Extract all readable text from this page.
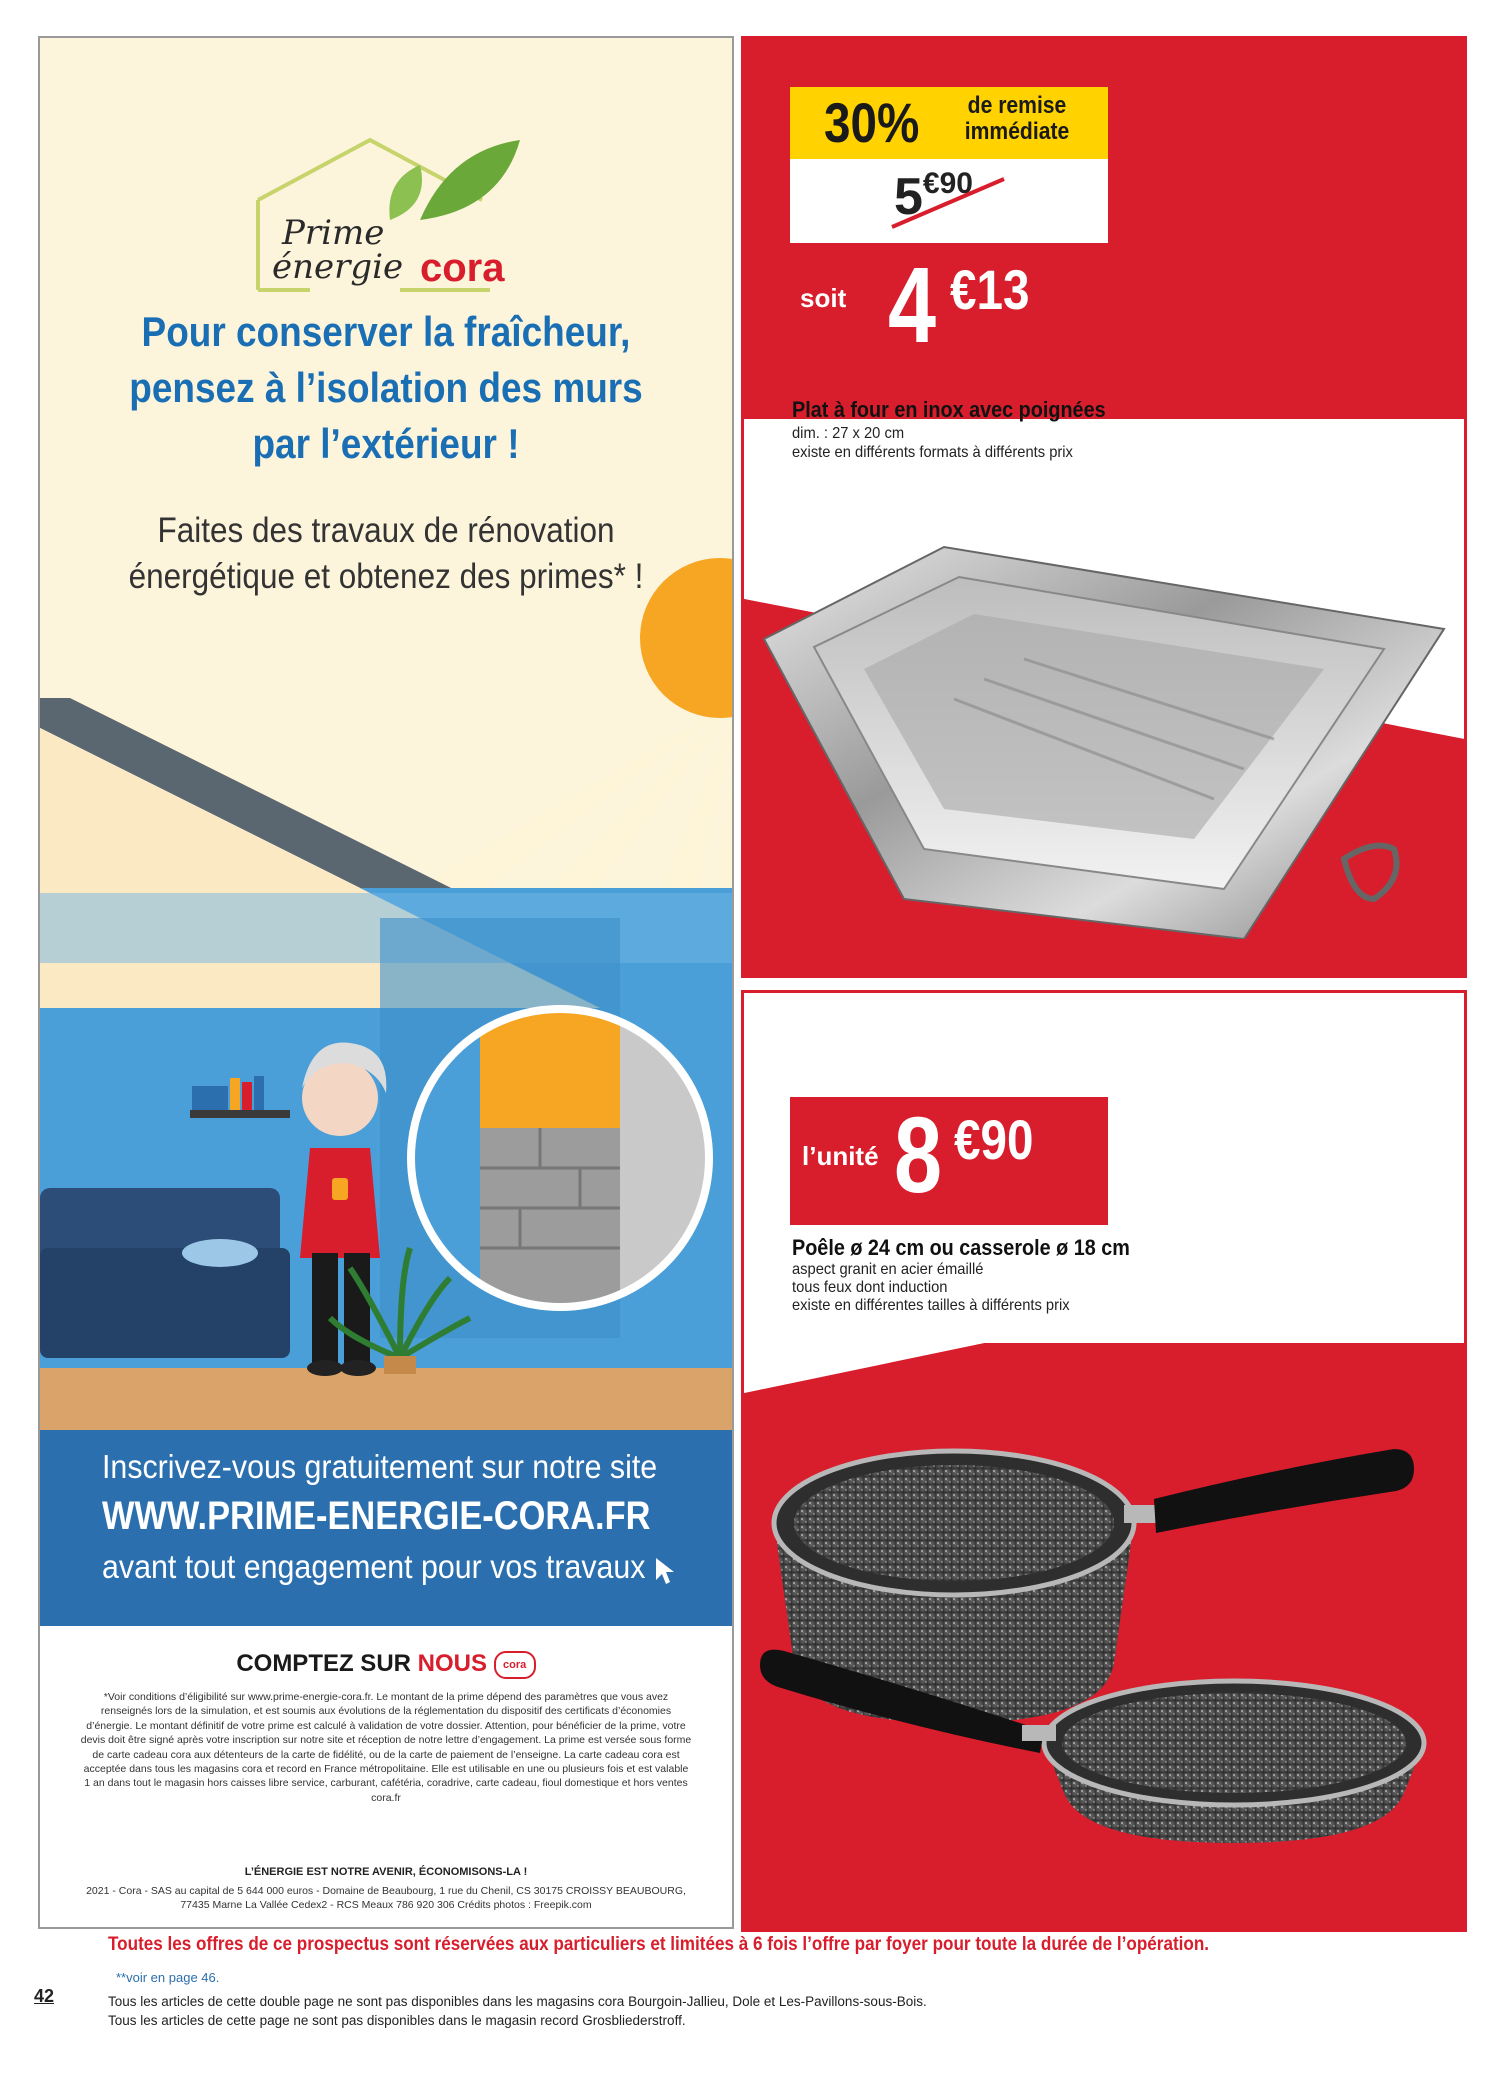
Prime
énergie cora
Pour conserver la fraîcheur,
pensez à l’isolation des murs
par l’extérieur !
Faites des travaux de rénovation
énergétique et obtenez des primes* !
Inscrivez-vous gratuitement sur notre site
WWW.PRIME-ENERGIE-CORA.FR
avant tout engagement pour vos travaux
COMPTEZ SUR NOUS cora
*Voir conditions d’éligibilité sur www.prime-energie-cora.fr. Le montant de la prime dépend des paramètres que vous avez renseignés lors de la simulation, et est soumis aux évolutions de la réglementation du dispositif des certificats d’économies d’énergie. Le montant définitif de votre prime est calculé à validation de votre dossier. Attention, pour bénéficier de la prime, votre devis doit être signé après votre inscription sur notre site et réception de notre lettre d’engagement. La prime est versée sous forme de carte cadeau cora aux détenteurs de la carte de fidélité, ou de la carte de paiement de l’enseigne. La carte cadeau cora est acceptée dans tous les magasins cora et record en France métropolitaine. Elle est utilisable en une ou plusieurs fois et est valable 1 an dans tout le magasin hors caisses libre service, carburant, cafétéria, coradrive, carte cadeau, fioul domestique et hors ventes cora.fr
L’ÉNERGIE EST NOTRE AVENIR, ÉCONOMISONS-LA !
2021 - Cora - SAS au capital de 5 644 000 euros - Domaine de Beaubourg, 1 rue du Chenil, CS 30175 CROISSY BEAUBOURG, 77435 Marne La Vallée Cedex2 - RCS Meaux 786 920 306 Crédits photos : Freepik.com
30%	de remise
immédiate
$5^{€90}$
soit 4 €13
Plat à four en inox avec poignées
dim. : 27 x 20 cm
existe en différents formats à différents prix
l’unité 8 €90
Poêle ø 24 cm ou casserole ø 18 cm
aspect granit en acier émaillé
tous feux dont induction
existe en différentes tailles à différents prix
Toutes les offres de ce prospectus sont réservées aux particuliers et limitées à 6 fois l’offre par foyer pour toute la durée de l’opération.
**voir en page 46.
42	Tous les articles de cette double page ne sont pas disponibles dans les magasins cora Bourgoin-Jallieu, Dole et Les-Pavillons-sous-Bois.
Tous les articles de cette page ne sont pas disponibles dans le magasin record Grosbliederstroff.
